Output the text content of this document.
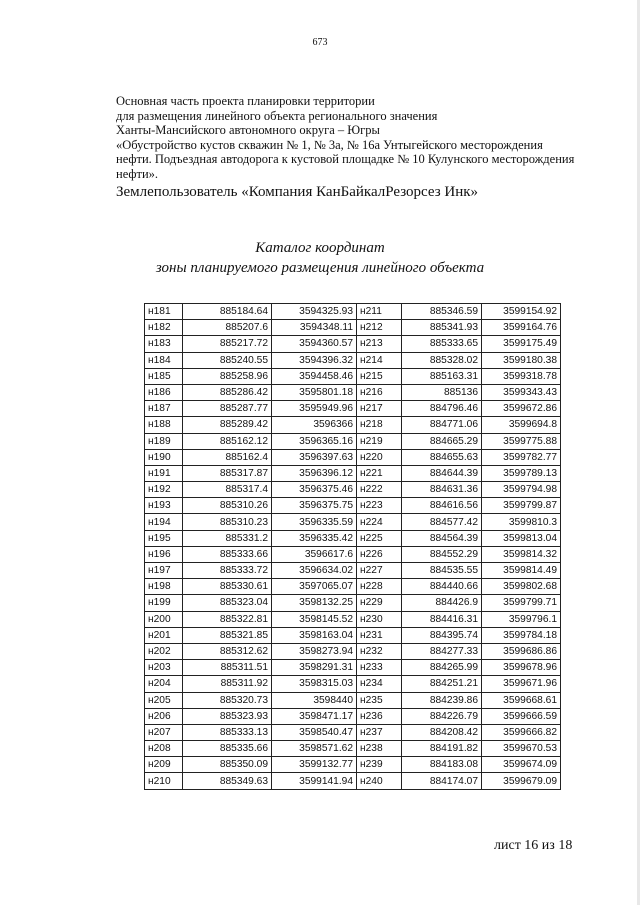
673
Основная часть проекта планировки территории
для размещения линейного объекта регионального значения
Ханты-Мансийского автономного округа – Югры
«Обустройство кустов скважин № 1, № 3а, № 16а Унтыгейского месторождения
нефти. Подъездная автодорога к кустовой площадке № 10 Кулунского месторождения
нефти».
Землепользователь «Компания КанБайкалРезорсез Инк»
Каталог координат
зоны планируемого размещения линейного объекта
н181	885184.64	3594325.93	н211	885346.59	3599154.92
н182	885207.6	3594348.11	н212	885341.93	3599164.76
н183	885217.72	3594360.57	н213	885333.65	3599175.49
н184	885240.55	3594396.32	н214	885328.02	3599180.38
н185	885258.96	3594458.46	н215	885163.31	3599318.78
н186	885286.42	3595801.18	н216	885136	3599343.43
н187	885287.77	3595949.96	н217	884796.46	3599672.86
н188	885289.42	3596366	н218	884771.06	3599694.8
н189	885162.12	3596365.16	н219	884665.29	3599775.88
н190	885162.4	3596397.63	н220	884655.63	3599782.77
н191	885317.87	3596396.12	н221	884644.39	3599789.13
н192	885317.4	3596375.46	н222	884631.36	3599794.98
н193	885310.26	3596375.75	н223	884616.56	3599799.87
н194	885310.23	3596335.59	н224	884577.42	3599810.3
н195	885331.2	3596335.42	н225	884564.39	3599813.04
н196	885333.66	3596617.6	н226	884552.29	3599814.32
н197	885333.72	3596634.02	н227	884535.55	3599814.49
н198	885330.61	3597065.07	н228	884440.66	3599802.68
н199	885323.04	3598132.25	н229	884426.9	3599799.71
н200	885322.81	3598145.52	н230	884416.31	3599796.1
н201	885321.85	3598163.04	н231	884395.74	3599784.18
н202	885312.62	3598273.94	н232	884277.33	3599686.86
н203	885311.51	3598291.31	н233	884265.99	3599678.96
н204	885311.92	3598315.03	н234	884251.21	3599671.96
н205	885320.73	3598440	н235	884239.86	3599668.61
н206	885323.93	3598471.17	н236	884226.79	3599666.59
н207	885333.13	3598540.47	н237	884208.42	3599666.82
н208	885335.66	3598571.62	н238	884191.82	3599670.53
н209	885350.09	3599132.77	н239	884183.08	3599674.09
н210	885349.63	3599141.94	н240	884174.07	3599679.09
лист 16 из 18
